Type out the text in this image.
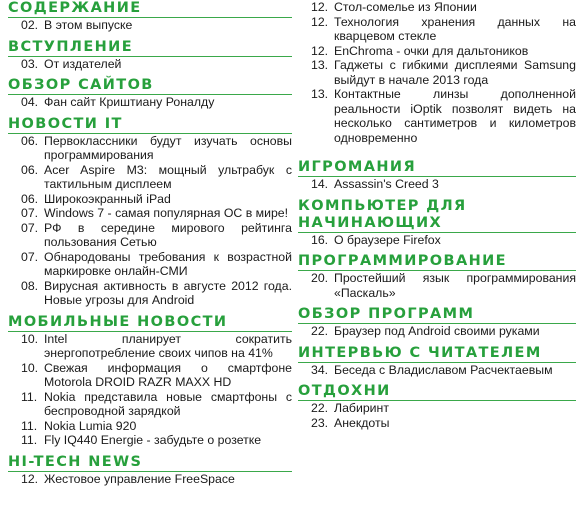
СОДЕРЖАНИЕ
02. В этом выпуске
ВСТУПЛЕНИЕ
03. От издателей
ОБЗОР САЙТОВ
04. Фан сайт Криштиану Роналду
НОВОСТИ IT
06. Первоклассники будут изучать основы программирования
06. Acer Aspire M3: мощный ультрабук с тактильным дисплеем
06. Широкоэкранный iPad
07. Windows 7 - самая популярная ОС в мире!
07. РФ в середине мирового рейтинга пользования Сетью
07. Обнародованы требования к возрастной маркировке онлайн-СМИ
08. Вирусная активность в августе 2012 года. Новые угрозы для Android
МОБИЛЬНЫЕ НОВОСТИ
10. Intel планирует сократить энергопотребление своих чипов на 41%
10. Свежая информация о смартфоне Motorola DROID RAZR MAXX HD
11. Nokia представила новые смартфоны с беспроводной зарядкой
11. Nokia Lumia 920
11. Fly IQ440 Energie - забудьте о розетке
HI-TECH NEWS
12. Жестовое управление FreeSpace
12. Стол-сомелье из Японии
12. Технология хранения данных на кварцевом стекле
12. EnChroma - очки для дальтоников
13. Гаджеты с гибкими дисплеями Samsung выйдут в начале 2013 года
13. Контактные линзы дополненной реальности iOptik позволят видеть на несколько сантиметров и километров одновременно
ИГРОМАНИЯ
14. Assassin's Creed 3
КОМПЬЮТЕР ДЛЯ НАЧИНАЮЩИХ
16. О браузере Firefox
ПРОГРАММИРОВАНИЕ
20. Простейший язык программирования «Паскаль»
ОБЗОР ПРОГРАММ
22. Браузер под Android своими руками
ИНТЕРВЬЮ С ЧИТАТЕЛЕМ
34. Беседа с Владиславом Расчектаевым
ОТДОХНИ
22. Лабиринт
23. Анекдоты
